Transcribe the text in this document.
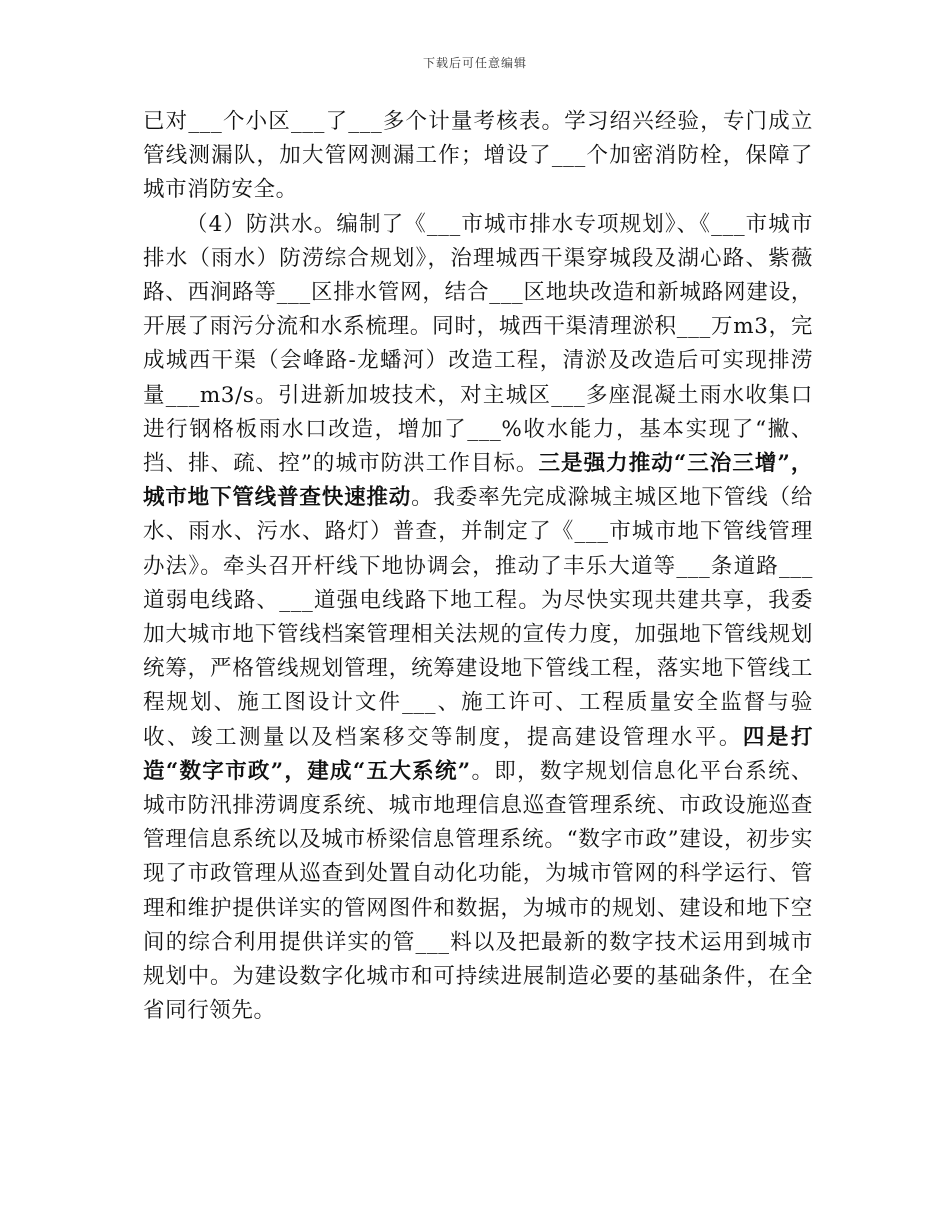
下载后可任意编辑

已对___个小区___了___多个计量考核表。学习绍兴经验，专门成立管线测漏队，加大管网测漏工作；增设了___个加密消防栓，保障了城市消防安全。

（4）防洪水。编制了《___市城市排水专项规划》、《___市城市排水（雨水）防涝综合规划》，治理城西干渠穿城段及湖心路、紫薇路、西涧路等___区排水管网，结合___区地块改造和新城路网建设，开展了雨污分流和水系梳理。同时，城西干渠清理淤积___万m3，完成城西干渠（会峰路-龙蟠河）改造工程，清淤及改造后可实现排涝量___m3/s。引进新加坡技术，对主城区___多座混凝土雨水收集口进行钢格板雨水口改造，增加了___%收水能力，基本实现了“撇、挡、排、疏、控”的城市防洪工作目标。三是强力推动“三治三增”，城市地下管线普查快速推动。我委率先完成滁城主城区地下管线（给水、雨水、污水、路灯）普查，并制定了《___市城市地下管线管理办法》。牵头召开杆线下地协调会，推动了丰乐大道等___条道路___道弱电线路、___道强电线路下地工程。为尽快实现共建共享，我委加大城市地下管线档案管理相关法规的宣传力度，加强地下管线规划统筹，严格管线规划管理，统筹建设地下管线工程，落实地下管线工程规划、施工图设计文件___、施工许可、工程质量安全监督与验收、竣工测量以及档案移交等制度，提高建设管理水平。四是打造“数字市政”，建成“五大系统”。即，数字规划信息化平台系统、城市防汛排涝调度系统、城市地理信息巡查管理系统、市政设施巡查管理信息系统以及城市桥梁信息管理系统。“数字市政”建设，初步实现了市政管理从巡查到处置自动化功能，为城市管网的科学运行、管理和维护提供详实的管网图件和数据，为城市的规划、建设和地下空间的综合利用提供详实的管___料以及把最新的数字技术运用到城市规划中。为建设数字化城市和可持续进展制造必要的基础条件，在全省同行领先。
